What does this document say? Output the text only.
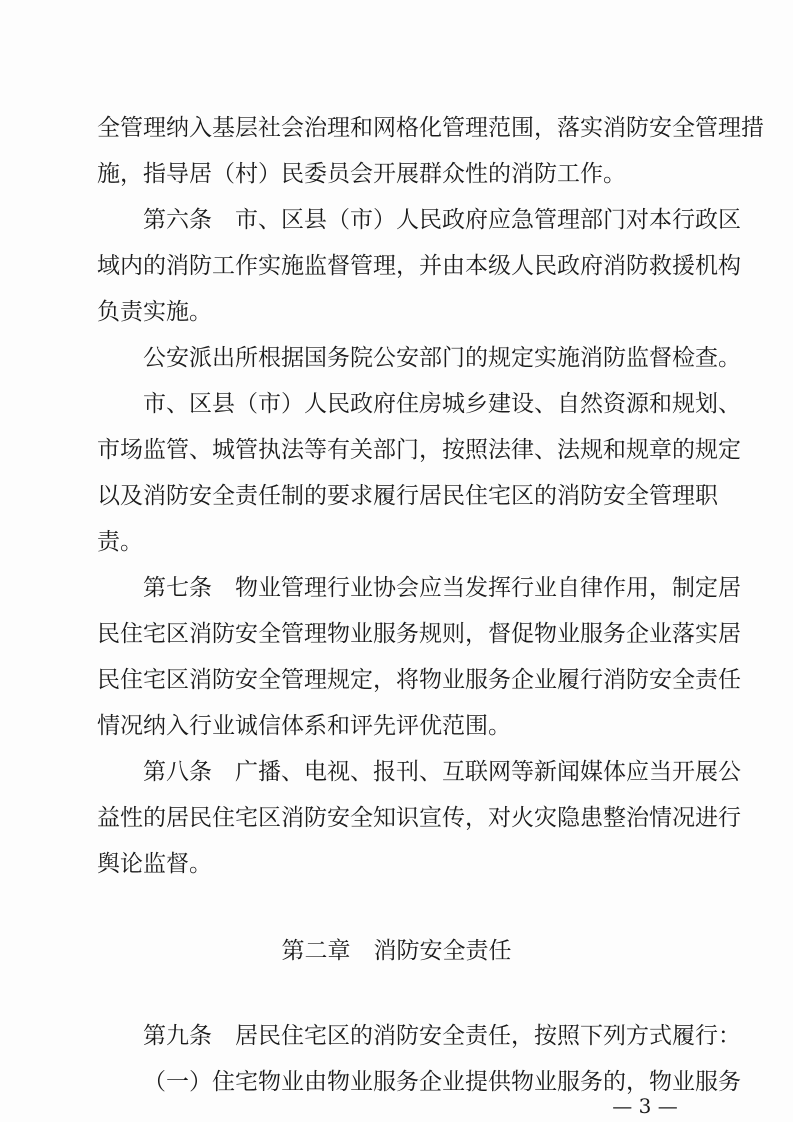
全管理纳入基层社会治理和网格化管理范围，落实消防安全管理措
施，指导居（村）民委员会开展群众性的消防工作。
第六条　市、区县（市）人民政府应急管理部门对本行政区
域内的消防工作实施监督管理，并由本级人民政府消防救援机构
负责实施。
公安派出所根据国务院公安部门的规定实施消防监督检查。
市、区县（市）人民政府住房城乡建设、自然资源和规划、
市场监管、城管执法等有关部门，按照法律、法规和规章的规定
以及消防安全责任制的要求履行居民住宅区的消防安全管理职
责。
第七条　物业管理行业协会应当发挥行业自律作用，制定居
民住宅区消防安全管理物业服务规则，督促物业服务企业落实居
民住宅区消防安全管理规定，将物业服务企业履行消防安全责任
情况纳入行业诚信体系和评先评优范围。
第八条　广播、电视、报刊、互联网等新闻媒体应当开展公
益性的居民住宅区消防安全知识宣传，对火灾隐患整治情况进行
舆论监督。
第二章　消防安全责任
第九条　居民住宅区的消防安全责任，按照下列方式履行：
（一）住宅物业由物业服务企业提供物业服务的，物业服务
— 3 —
